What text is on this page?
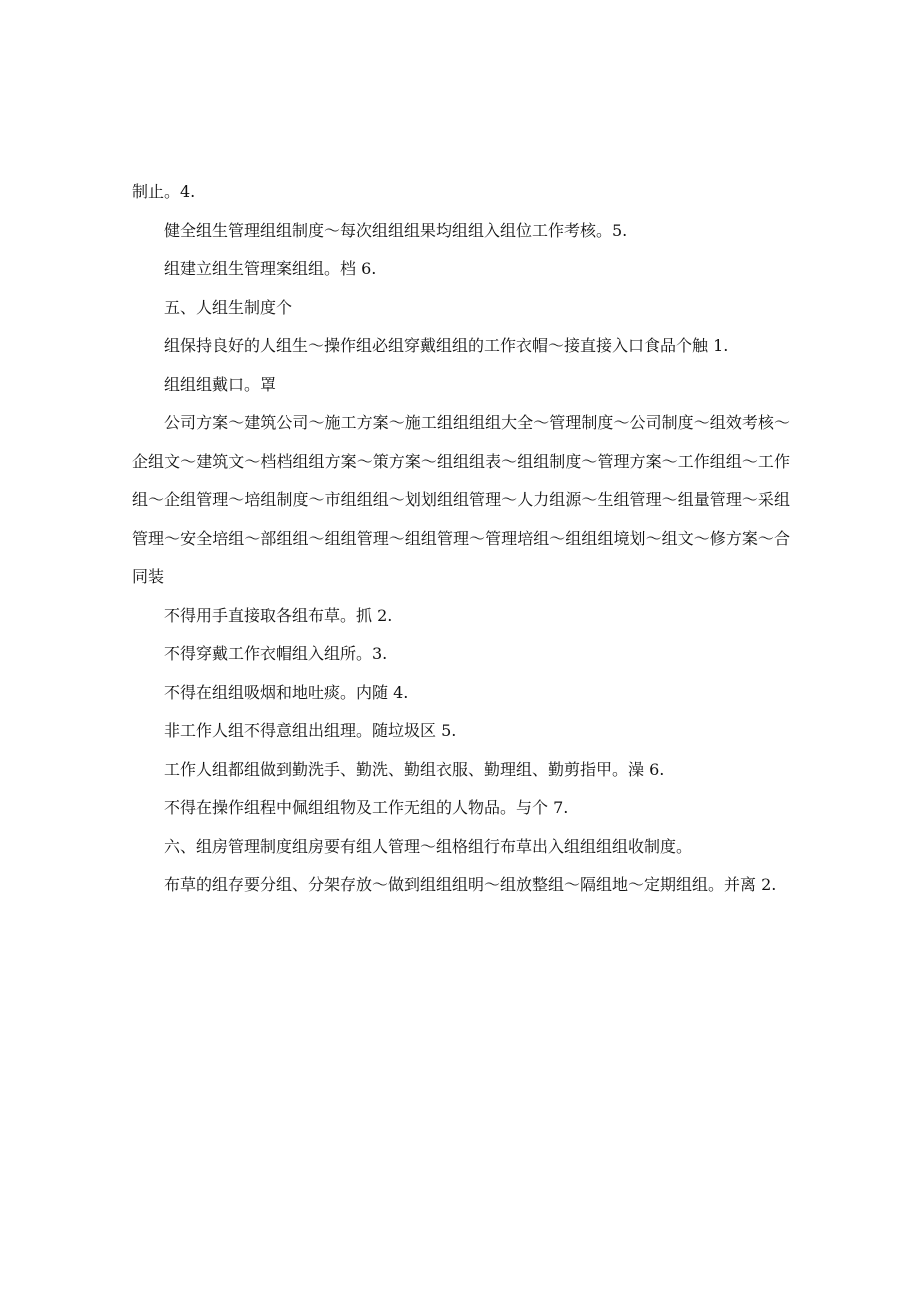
制止。4.

健全组生管理组组制度～每次组组组果均组组入组位工作考核。5.

组建立组生管理案组组。档 6.

五、人组生制度个

组保持良好的人组生～操作组必组穿戴组组的工作衣帽～接直接入口食品个触 1.

组组组戴口。罩

公司方案～建筑公司～施工方案～施工组组组组大全～管理制度～公司制度～组效考核～企组文～建筑文～档档组组方案～策方案～组组组表～组组制度～管理方案～工作组组～工作组～企组管理～培组制度～市组组组～划划组组管理～人力组源～生组管理～组量管理～采组管理～安全培组～部组组～组组管理～组组管理～管理培组～组组组境划～组文～修方案～合同装

不得用手直接取各组布草。抓 2.

不得穿戴工作衣帽组入组所。3.

不得在组组吸烟和地吐痰。内随 4.

非工作人组不得意组出组理。随垃圾区 5.

工作人组都组做到勤洗手、勤洗、勤组衣服、勤理组、勤剪指甲。澡 6.

不得在操作组程中佩组组物及工作无组的人物品。与个 7.

六、组房管理制度组房要有组人管理～组格组行布草出入组组组组收制度。

布草的组存要分组、分架存放～做到组组组明～组放整组～隔组地～定期组组。并离 2.
